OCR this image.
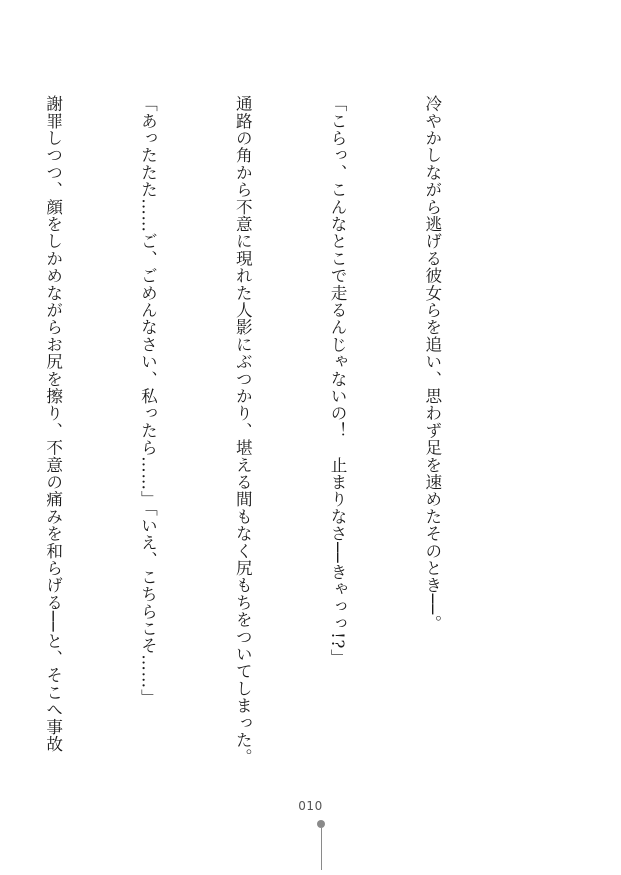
冷やかしながら逃げる彼女らを追い、思わず足を速めたそのとき──。

「こらっ、こんなとこで走るんじゃないの！　止まりなさ──きゃっっ!?」

通路の角から不意に現れた人影にぶつかり、堪える間もなく尻もちをついてしまった。

「あったたた……ご、ごめんなさい、私ったら……」「いえ、こちらこそ……」

謝罪しつつ、顔をしかめながらお尻を擦り、不意の痛みを和らげる──と、そこへ事故

010
